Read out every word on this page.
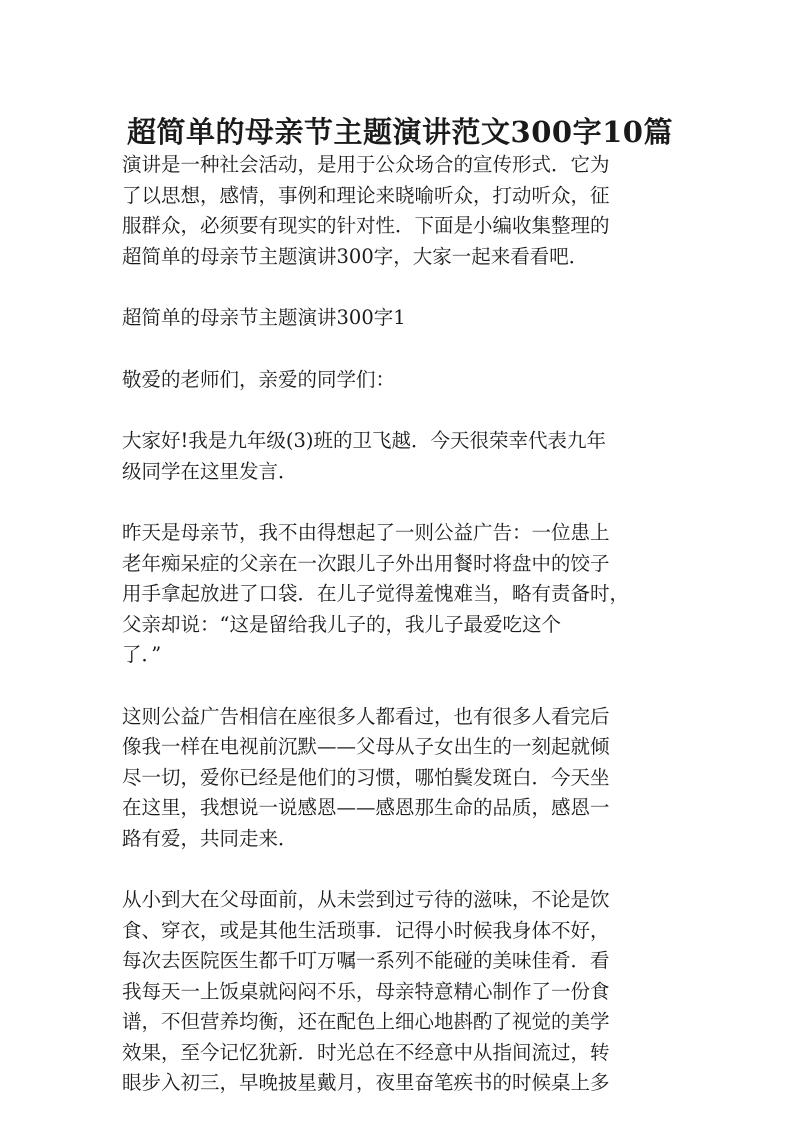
超简单的母亲节主题演讲范文300字10篇

演讲是一种社会活动，是用于公众场合的宣传形式．它为

了以思想，感情，事例和理论来晓喻听众，打动听众，征

服群众，必须要有现实的针对性．下面是小编收集整理的

超简单的母亲节主题演讲300字，大家一起来看看吧．

超简单的母亲节主题演讲300字1

敬爱的老师们，亲爱的同学们：

大家好!我是九年级(3)班的卫飞越．今天很荣幸代表九年

级同学在这里发言．

昨天是母亲节，我不由得想起了一则公益广告：一位患上

老年痴呆症的父亲在一次跟儿子外出用餐时将盘中的饺子

用手拿起放进了口袋．在儿子觉得羞愧难当，略有责备时，

父亲却说：“这是留给我儿子的，我儿子最爱吃这个

了．”

这则公益广告相信在座很多人都看过，也有很多人看完后

像我一样在电视前沉默——父母从子女出生的一刻起就倾

尽一切，爱你已经是他们的习惯，哪怕鬓发斑白．今天坐

在这里，我想说一说感恩——感恩那生命的品质，感恩一

路有爱，共同走来．

从小到大在父母面前，从未尝到过亏待的滋味，不论是饮

食、穿衣，或是其他生活琐事．记得小时候我身体不好，

每次去医院医生都千叮万嘱一系列不能碰的美味佳肴．看

我每天一上饭桌就闷闷不乐，母亲特意精心制作了一份食

谱，不但营养均衡，还在配色上细心地斟酌了视觉的美学

效果，至今记忆犹新．时光总在不经意中从指间流过，转

眼步入初三，早晚披星戴月，夜里奋笔疾书的时候桌上多
